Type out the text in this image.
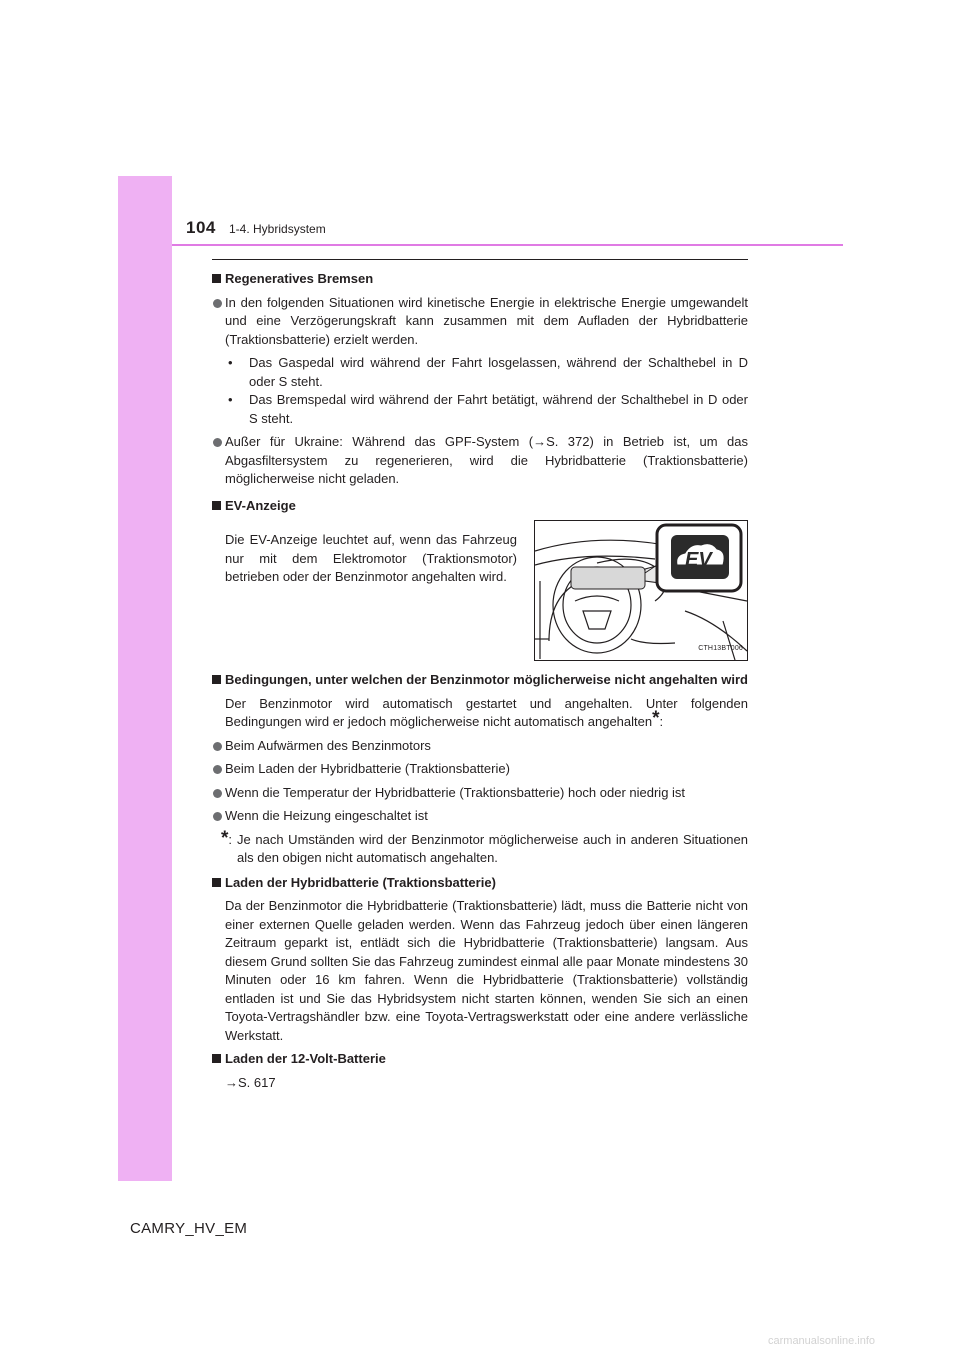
104 1-4. Hybridsystem
Regeneratives Bremsen
In den folgenden Situationen wird kinetische Energie in elektrische Energie umgewandelt und eine Verzögerungskraft kann zusammen mit dem Aufladen der Hybridbatterie (Traktionsbatterie) erzielt werden.
• Das Gaspedal wird während der Fahrt losgelassen, während der Schalthebel in D oder S steht.
• Das Bremspedal wird während der Fahrt betätigt, während der Schalthebel in D oder S steht.
Außer für Ukraine: Während das GPF-System (→S. 372) in Betrieb ist, um das Abgasfiltersystem zu regenerieren, wird die Hybridbatterie (Traktionsbatterie) möglicherweise nicht geladen.
EV-Anzeige
Die EV-Anzeige leuchtet auf, wenn das Fahrzeug nur mit dem Elektromotor (Traktionsmotor) betrieben oder der Benzinmotor angehalten wird.
EV
CTH13BT006
Bedingungen, unter welchen der Benzinmotor möglicherweise nicht angehalten wird
Der Benzinmotor wird automatisch gestartet und angehalten. Unter folgenden Bedingungen wird er jedoch möglicherweise nicht automatisch angehalten*:
Beim Aufwärmen des Benzinmotors
Beim Laden der Hybridbatterie (Traktionsbatterie)
Wenn die Temperatur der Hybridbatterie (Traktionsbatterie) hoch oder niedrig ist
Wenn die Heizung eingeschaltet ist
*: Je nach Umständen wird der Benzinmotor möglicherweise auch in anderen Situationen als den obigen nicht automatisch angehalten.
Laden der Hybridbatterie (Traktionsbatterie)
Da der Benzinmotor die Hybridbatterie (Traktionsbatterie) lädt, muss die Batterie nicht von einer externen Quelle geladen werden. Wenn das Fahrzeug jedoch über einen längeren Zeitraum geparkt ist, entlädt sich die Hybridbatterie (Traktionsbatterie) langsam. Aus diesem Grund sollten Sie das Fahrzeug zumindest einmal alle paar Monate mindestens 30 Minuten oder 16 km fahren. Wenn die Hybridbatterie (Traktionsbatterie) vollständig entladen ist und Sie das Hybridsystem nicht starten können, wenden Sie sich an einen Toyota-Vertragshändler bzw. eine Toyota-Vertragswerkstatt oder eine andere verlässliche Werkstatt.
Laden der 12-Volt-Batterie
→S. 617
CAMRY_HV_EM
carmanualsonline.info
